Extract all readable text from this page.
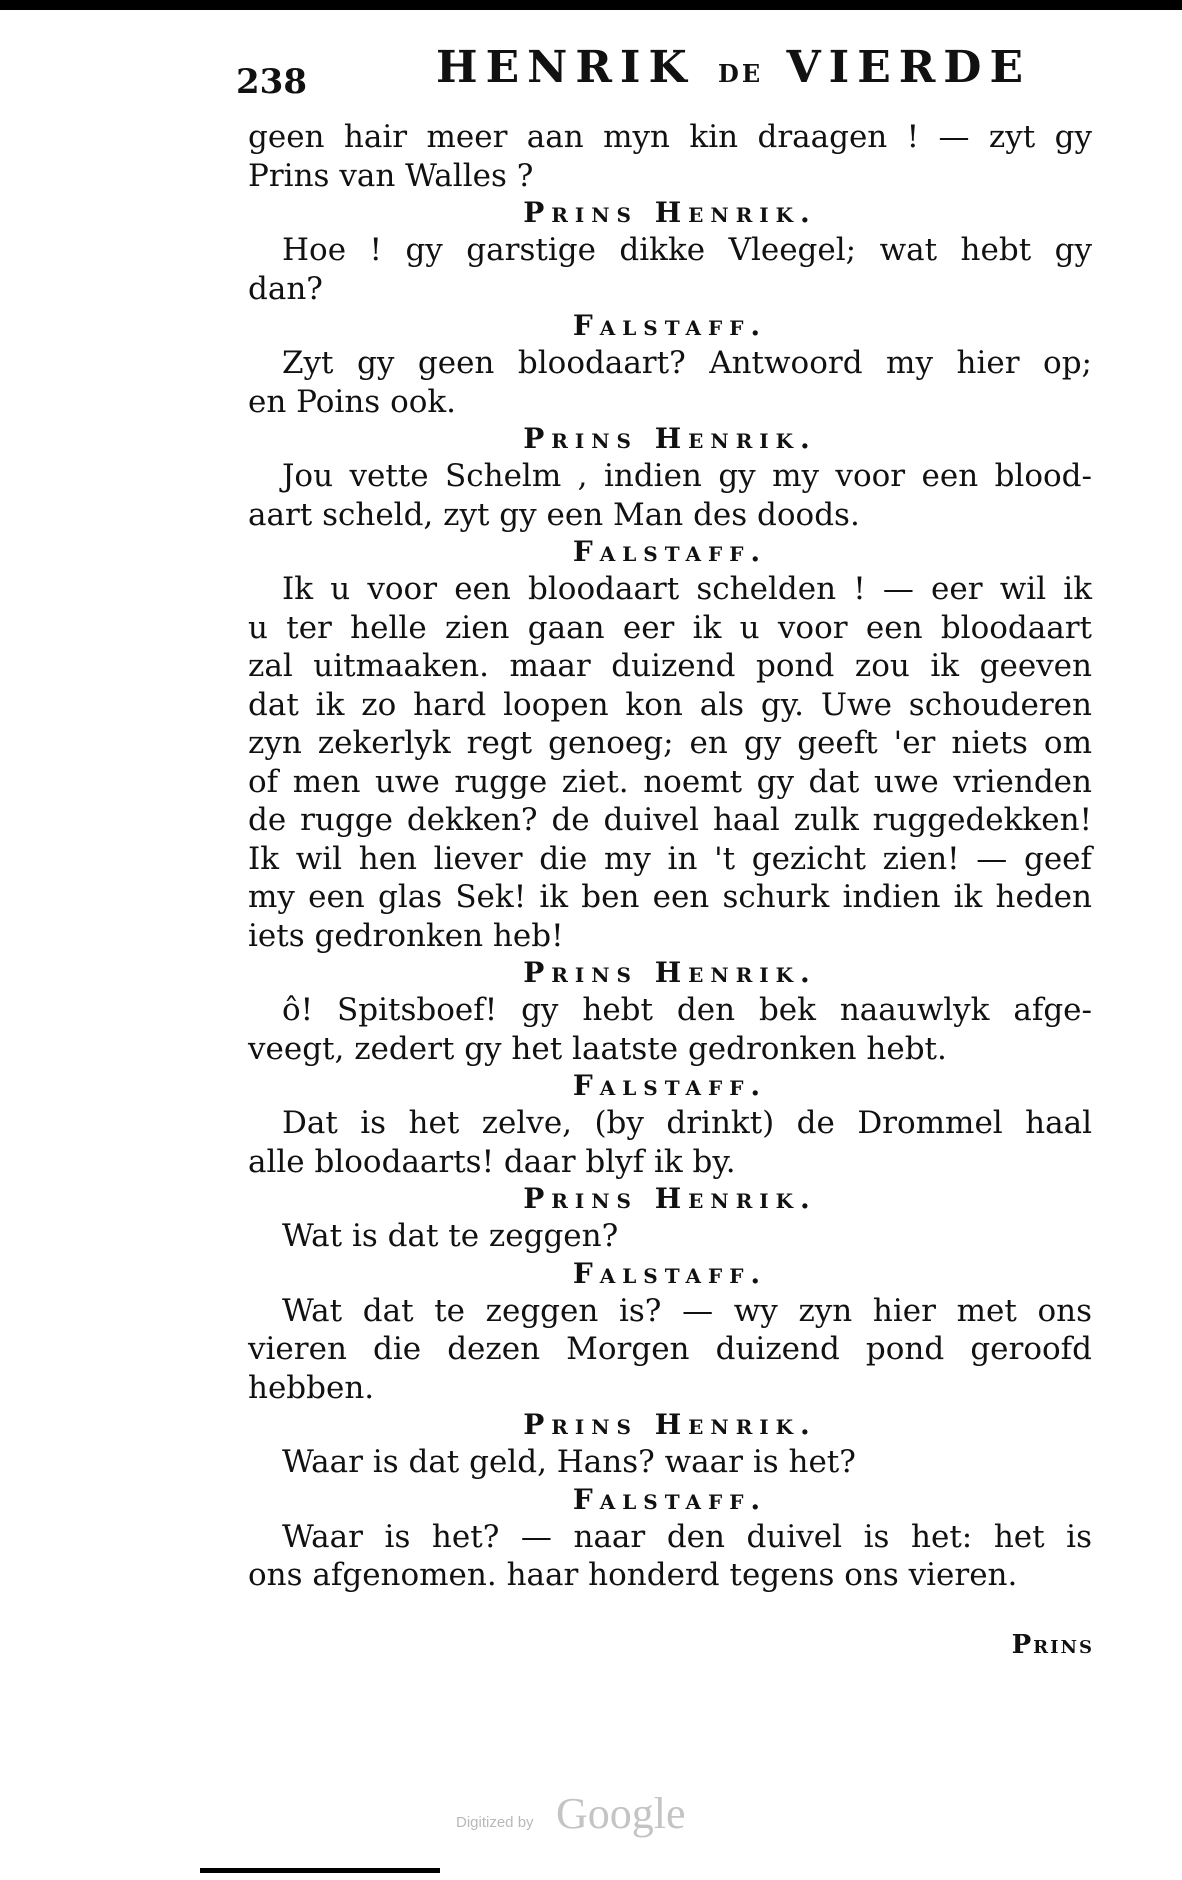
238	HENRIK DE VIERDE
geen hair meer aan myn kin draagen ! — zyt gy
Prins van Walles ?
Prins Henrik.
Hoe ! gy garstige dikke Vleegel; wat hebt gy
dan?
Falstaff.
Zyt gy geen bloodaart? Antwoord my hier op;
en Poins ook.
Prins Henrik.
Jou vette Schelm , indien gy my voor een blood-
aart scheld, zyt gy een Man des doods.
Falstaff.
Ik u voor een bloodaart schelden ! — eer wil ik
u ter helle zien gaan eer ik u voor een bloodaart
zal uitmaaken. maar duizend pond zou ik geeven
dat ik zo hard loopen kon als gy. Uwe schouderen
zyn zekerlyk regt genoeg; en gy geeft 'er niets om
of men uwe rugge ziet. noemt gy dat uwe vrienden
de rugge dekken? de duivel haal zulk ruggedekken!
Ik wil hen liever die my in 't gezicht zien! — geef
my een glas Sek! ik ben een schurk indien ik heden
iets gedronken heb!
Prins Henrik.
ô! Spitsboef! gy hebt den bek naauwlyk afge-
veegt, zedert gy het laatste gedronken hebt.
Falstaff.
Dat is het zelve, (by drinkt) de Drommel haal
alle bloodaarts! daar blyf ik by.
Prins Henrik.
Wat is dat te zeggen?
Falstaff.
Wat dat te zeggen is? — wy zyn hier met ons
vieren die dezen Morgen duizend pond geroofd
hebben.
Prins Henrik.
Waar is dat geld, Hans? waar is het?
Falstaff.
Waar is het? — naar den duivel is het: het is
ons afgenomen. haar honderd tegens ons vieren.
Prins
Digitized by Google
